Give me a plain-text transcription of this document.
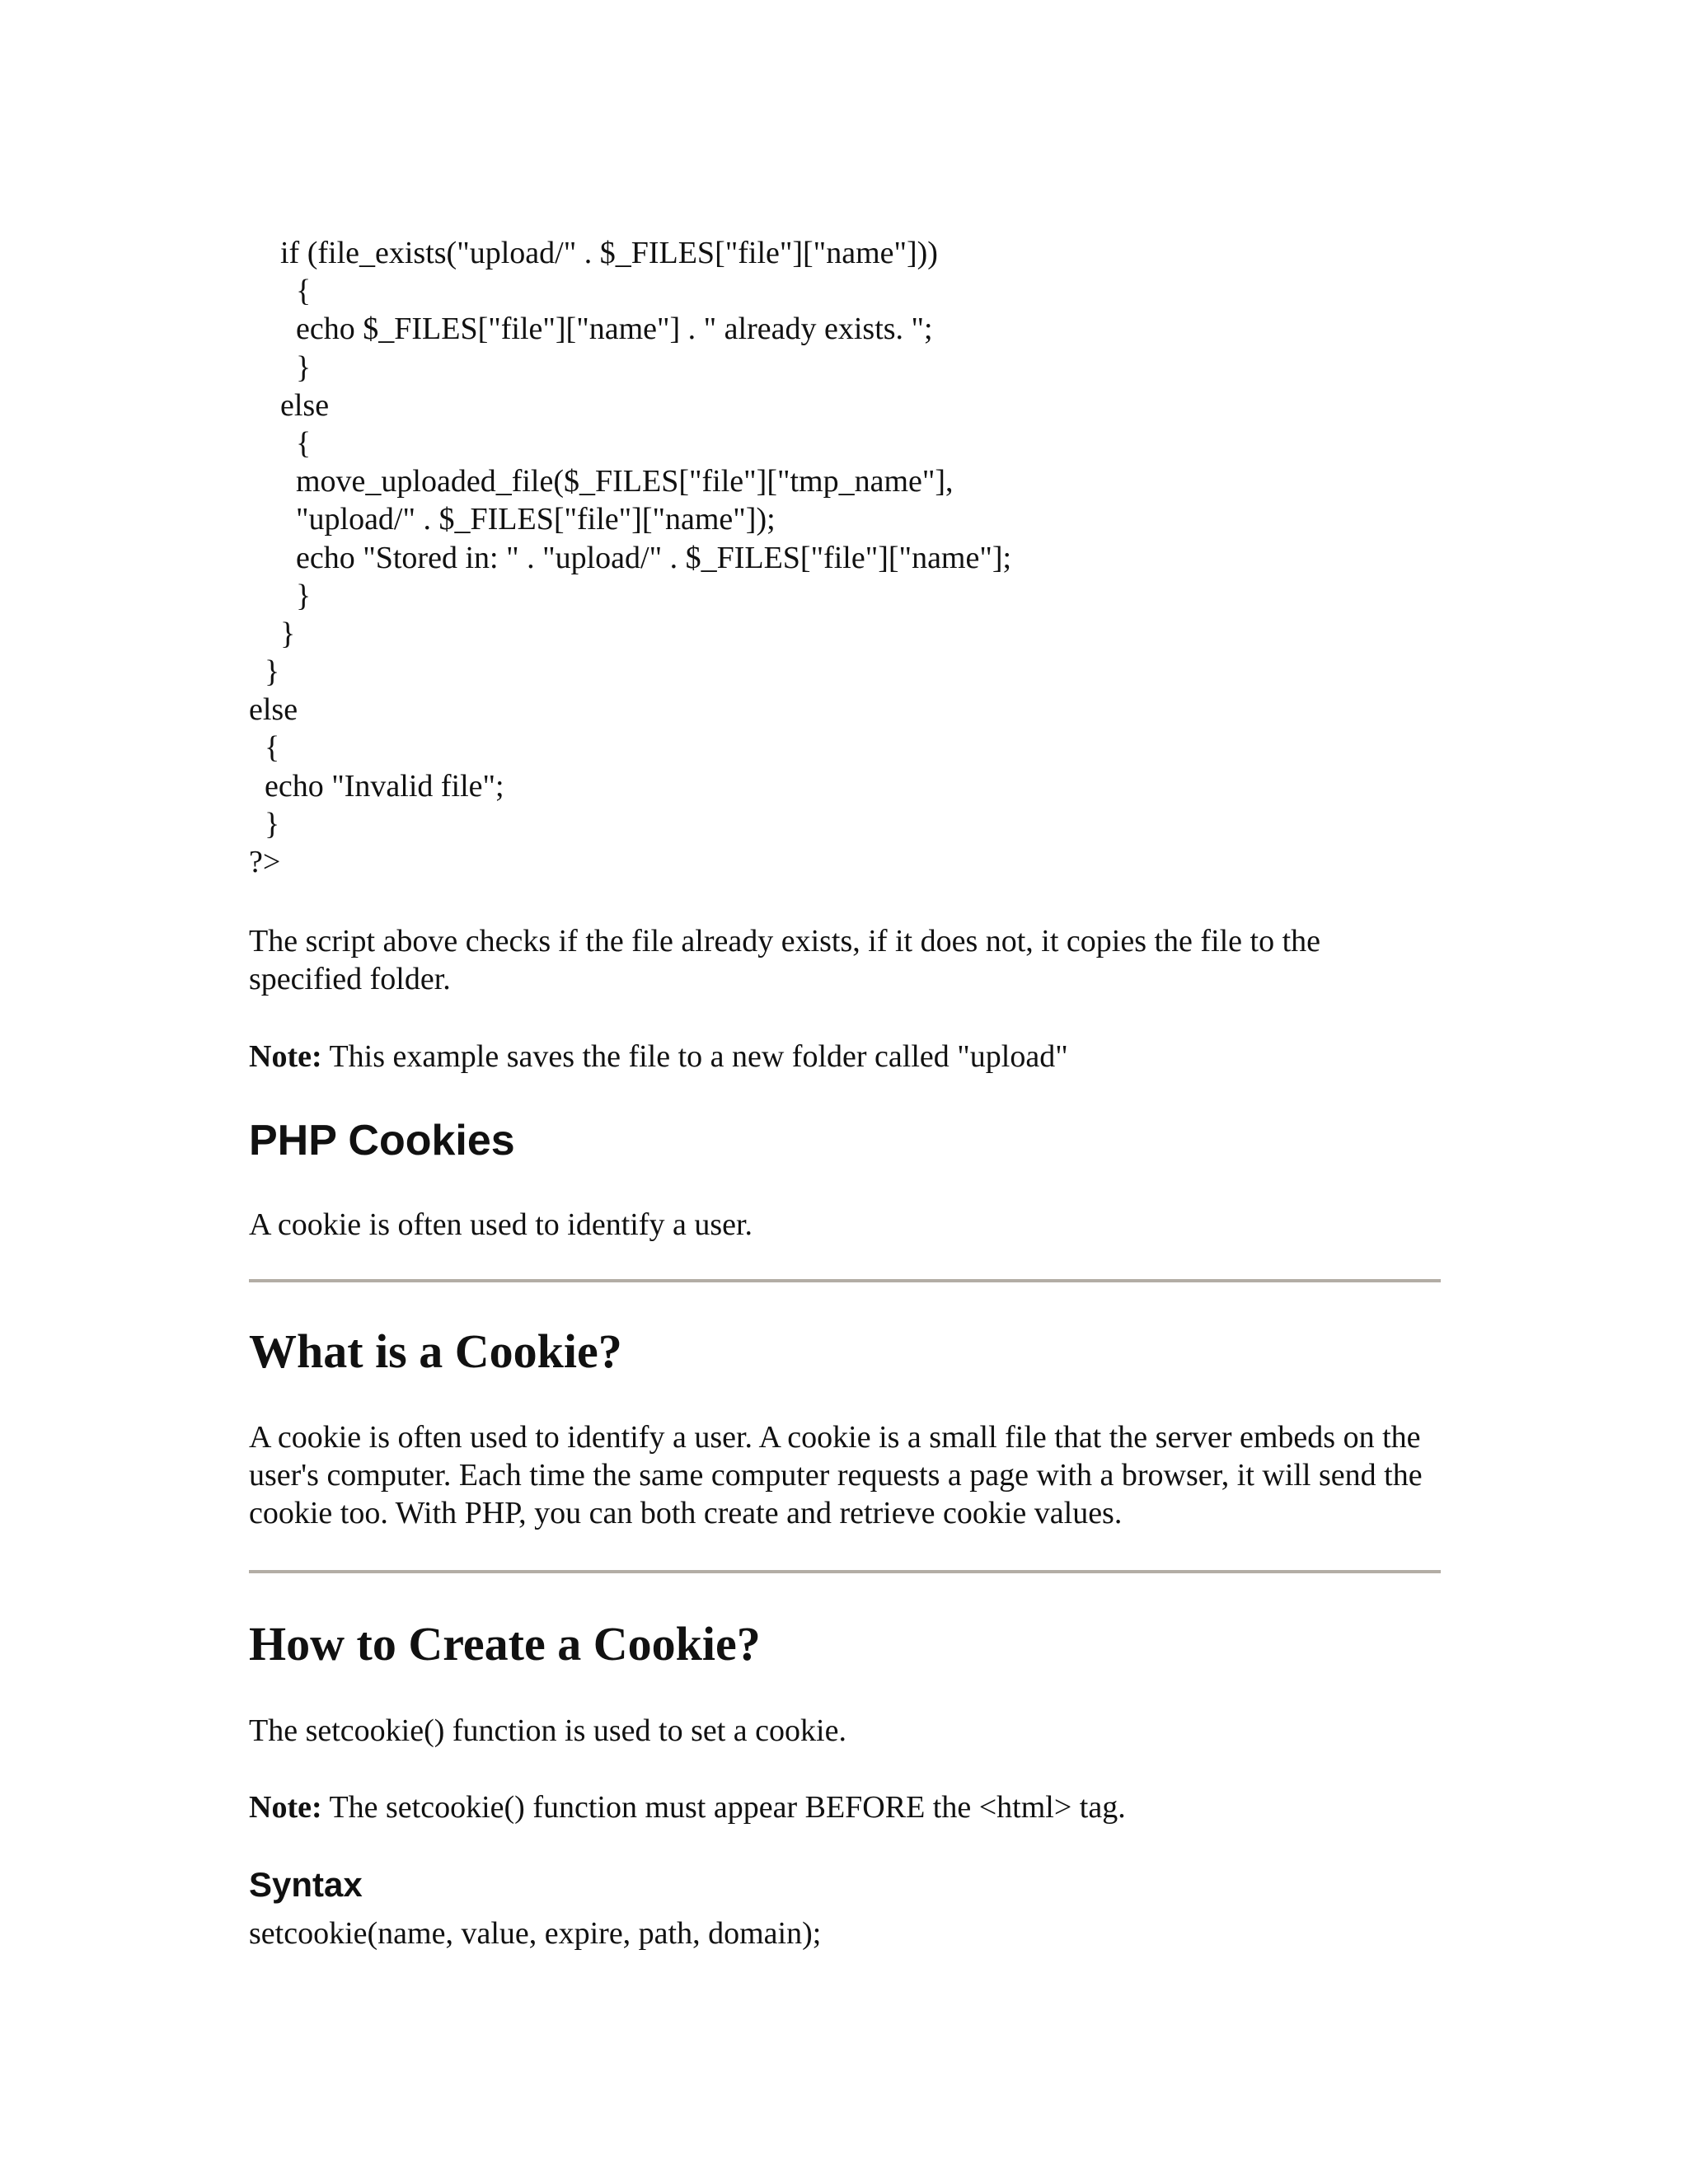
if (file_exists("upload/" . $_FILES["file"]["name"]))
{
echo $_FILES["file"]["name"] . " already exists. ";
}
else
{
move_uploaded_file($_FILES["file"]["tmp_name"],
"upload/" . $_FILES["file"]["name"]);
echo "Stored in: " . "upload/" . $_FILES["file"]["name"];
}
}
}
else
{
echo "Invalid file";
}
?>

The script above checks if the file already exists, if it does not, it copies the file to the specified folder.

Note: This example saves the file to a new folder called "upload"

PHP Cookies

A cookie is often used to identify a user.

What is a Cookie?

A cookie is often used to identify a user. A cookie is a small file that the server embeds on the user's computer. Each time the same computer requests a page with a browser, it will send the cookie too. With PHP, you can both create and retrieve cookie values.

How to Create a Cookie?

The setcookie() function is used to set a cookie.

Note: The setcookie() function must appear BEFORE the <html> tag.

Syntax

setcookie(name, value, expire, path, domain);
